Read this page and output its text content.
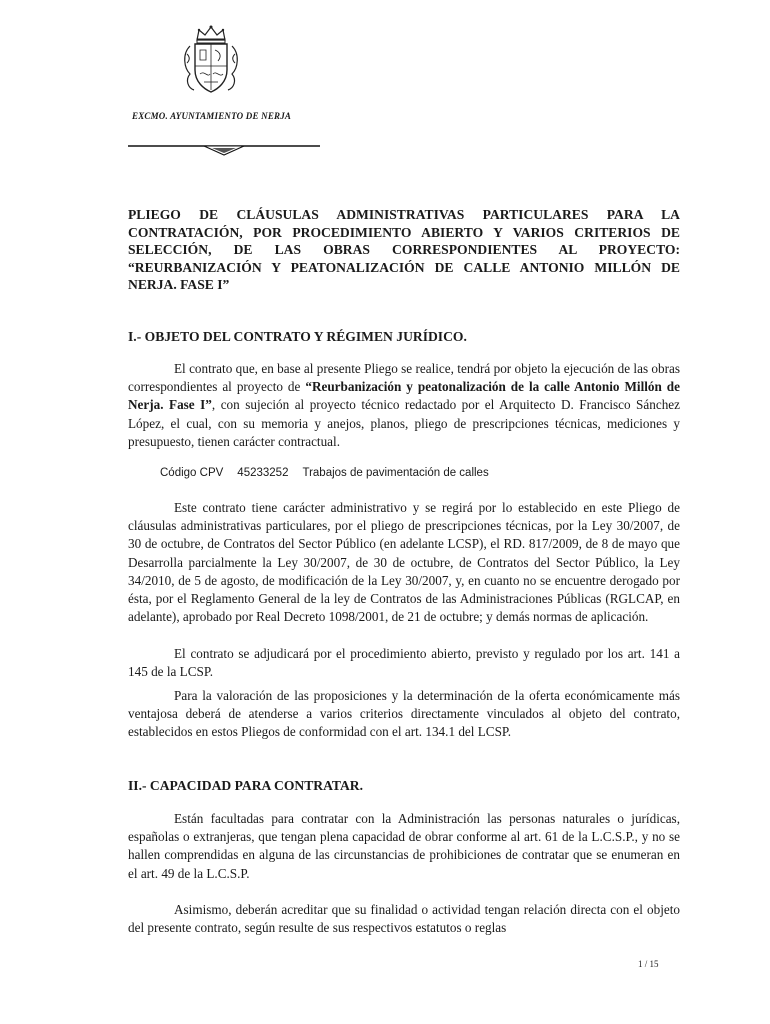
EXCMO. AYUNTAMIENTO DE NERJA

PLIEGO DE CLÁUSULAS ADMINISTRATIVAS PARTICULARES PARA LA CONTRATACIÓN, POR PROCEDIMIENTO ABIERTO Y VARIOS CRITERIOS DE SELECCIÓN, DE LAS OBRAS CORRESPONDIENTES AL PROYECTO: “REURBANIZACIÓN Y PEATONALIZACIÓN DE CALLE ANTONIO MILLÓN DE NERJA. FASE I”

I.- OBJETO DEL CONTRATO Y RÉGIMEN JURÍDICO.

El contrato que, en base al presente Pliego se realice, tendrá por objeto la ejecución de las obras correspondientes al proyecto de “Reurbanización y peatonalización de la calle Antonio Millón de Nerja. Fase I”, con sujeción al proyecto técnico redactado por el Arquitecto D. Francisco Sánchez López, el cual, con su memoria y anejos, planos, pliego de prescripciones técnicas, mediciones y presupuesto, tienen carácter contractual.

Código CPV 45233252 Trabajos de pavimentación de calles

Este contrato tiene carácter administrativo y se regirá por lo establecido en este Pliego de cláusulas administrativas particulares, por el pliego de prescripciones técnicas, por la Ley 30/2007, de 30 de octubre, de Contratos del Sector Público (en adelante LCSP), el RD. 817/2009, de 8 de mayo que Desarrolla parcialmente la Ley 30/2007, de 30 de octubre, de Contratos del Sector Público, la Ley 34/2010, de 5 de agosto, de modificación de la Ley 30/2007, y, en cuanto no se encuentre derogado por ésta, por el Reglamento General de la ley de Contratos de las Administraciones Públicas (RGLCAP, en adelante), aprobado por Real Decreto 1098/2001, de 21 de octubre; y demás normas de aplicación.

El contrato se adjudicará por el procedimiento abierto, previsto y regulado por los art. 141 a 145 de la LCSP.

Para la valoración de las proposiciones y la determinación de la oferta económicamente más ventajosa deberá de atenderse a varios criterios directamente vinculados al objeto del contrato, establecidos en estos Pliegos de conformidad con el art. 134.1 del LCSP.

II.- CAPACIDAD PARA CONTRATAR.

Están facultadas para contratar con la Administración las personas naturales o jurídicas, españolas o extranjeras, que tengan plena capacidad de obrar conforme al art. 61 de la L.C.S.P., y no se hallen comprendidas en alguna de las circunstancias de prohibiciones de contratar que se enumeran en el art. 49 de la L.C.S.P.

Asimismo, deberán acreditar que su finalidad o actividad tengan relación directa con el objeto del presente contrato, según resulte de sus respectivos estatutos o reglas

1 / 15
